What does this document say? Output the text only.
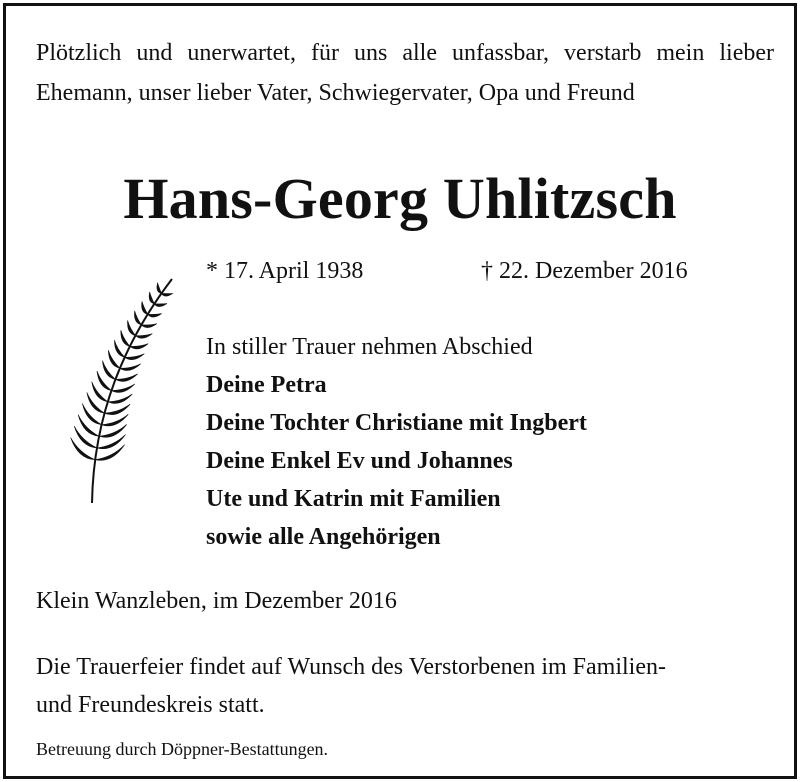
Plötzlich und unerwartet, für uns alle unfassbar, verstarb mein lieber Ehemann, unser lieber Vater, Schwiegervater, Opa und Freund
Hans-Georg Uhlitzsch
* 17. April 1938	† 22. Dezember 2016
In stiller Trauer nehmen Abschied
Deine Petra
Deine Tochter Christiane mit Ingbert
Deine Enkel Ev und Johannes
Ute und Katrin mit Familien
sowie alle Angehörigen
Klein Wanzleben, im Dezember 2016
Die Trauerfeier findet auf Wunsch des Verstorbenen im Familien-
und Freundeskreis statt.
Betreuung durch Döppner-Bestattungen.
